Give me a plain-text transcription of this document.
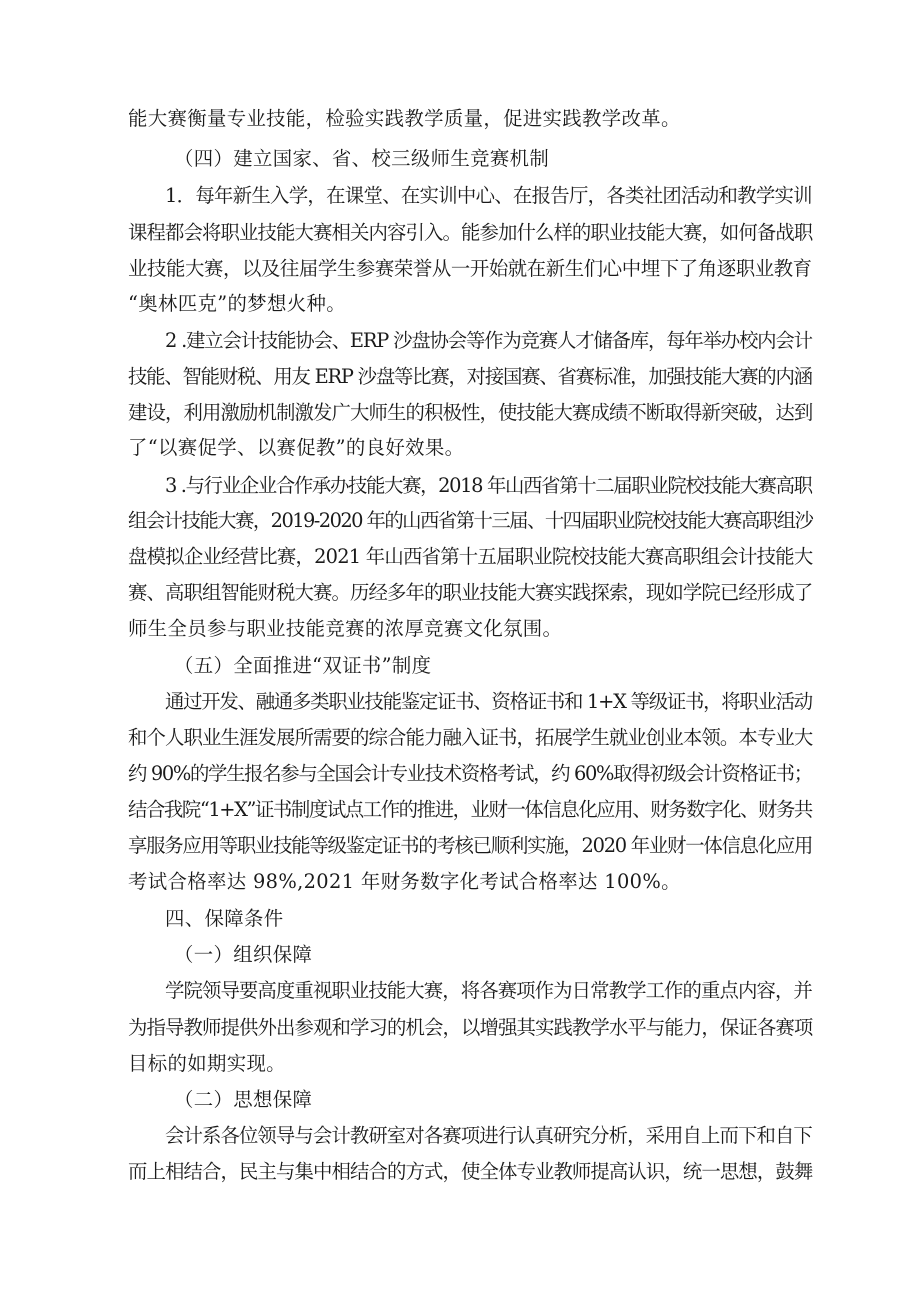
能大赛衡量专业技能，检验实践教学质量，促进实践教学改革。
（四）建立国家、省、校三级师生竞赛机制
1．每年新生入学，在课堂、在实训中心、在报告厅，各类社团活动和教学实训
课程都会将职业技能大赛相关内容引入。能参加什么样的职业技能大赛，如何备战职
业技能大赛，以及往届学生参赛荣誉从一开始就在新生们心中埋下了角逐职业教育
“奥林匹克”的梦想火种。
2 .建立会计技能协会、ERP 沙盘协会等作为竞赛人才储备库，每年举办校内会计
技能、智能财税、用友 ERP 沙盘等比赛，对接国赛、省赛标准，加强技能大赛的内涵
建设，利用激励机制激发广大师生的积极性，使技能大赛成绩不断取得新突破，达到
了“以赛促学、以赛促教”的良好效果。
3 .与行业企业合作承办技能大赛，2018 年山西省第十二届职业院校技能大赛高职
组会计技能大赛，2019-2020 年的山西省第十三届、十四届职业院校技能大赛高职组沙
盘模拟企业经营比赛，2021 年山西省第十五届职业院校技能大赛高职组会计技能大
赛、高职组智能财税大赛。历经多年的职业技能大赛实践探索，现如学院已经形成了
师生全员参与职业技能竞赛的浓厚竞赛文化氛围。
（五）全面推进“双证书”制度
通过开发、融通多类职业技能鉴定证书、资格证书和 1+X 等级证书，将职业活动
和个人职业生涯发展所需要的综合能力融入证书，拓展学生就业创业本领。本专业大
约 90%的学生报名参与全国会计专业技术资格考试，约 60%取得初级会计资格证书；
结合我院“1+X”证书制度试点工作的推进，业财一体信息化应用、财务数字化、财务共
享服务应用等职业技能等级鉴定证书的考核已顺利实施，2020 年业财一体信息化应用
考试合格率达 98%,2021 年财务数字化考试合格率达 100%。
四、保障条件
（一）组织保障
学院领导要高度重视职业技能大赛，将各赛项作为日常教学工作的重点内容，并
为指导教师提供外出参观和学习的机会，以增强其实践教学水平与能力，保证各赛项
目标的如期实现。
（二）思想保障
会计系各位领导与会计教研室对各赛项进行认真研究分析，采用自上而下和自下
而上相结合，民主与集中相结合的方式，使全体专业教师提高认识，统一思想，鼓舞
